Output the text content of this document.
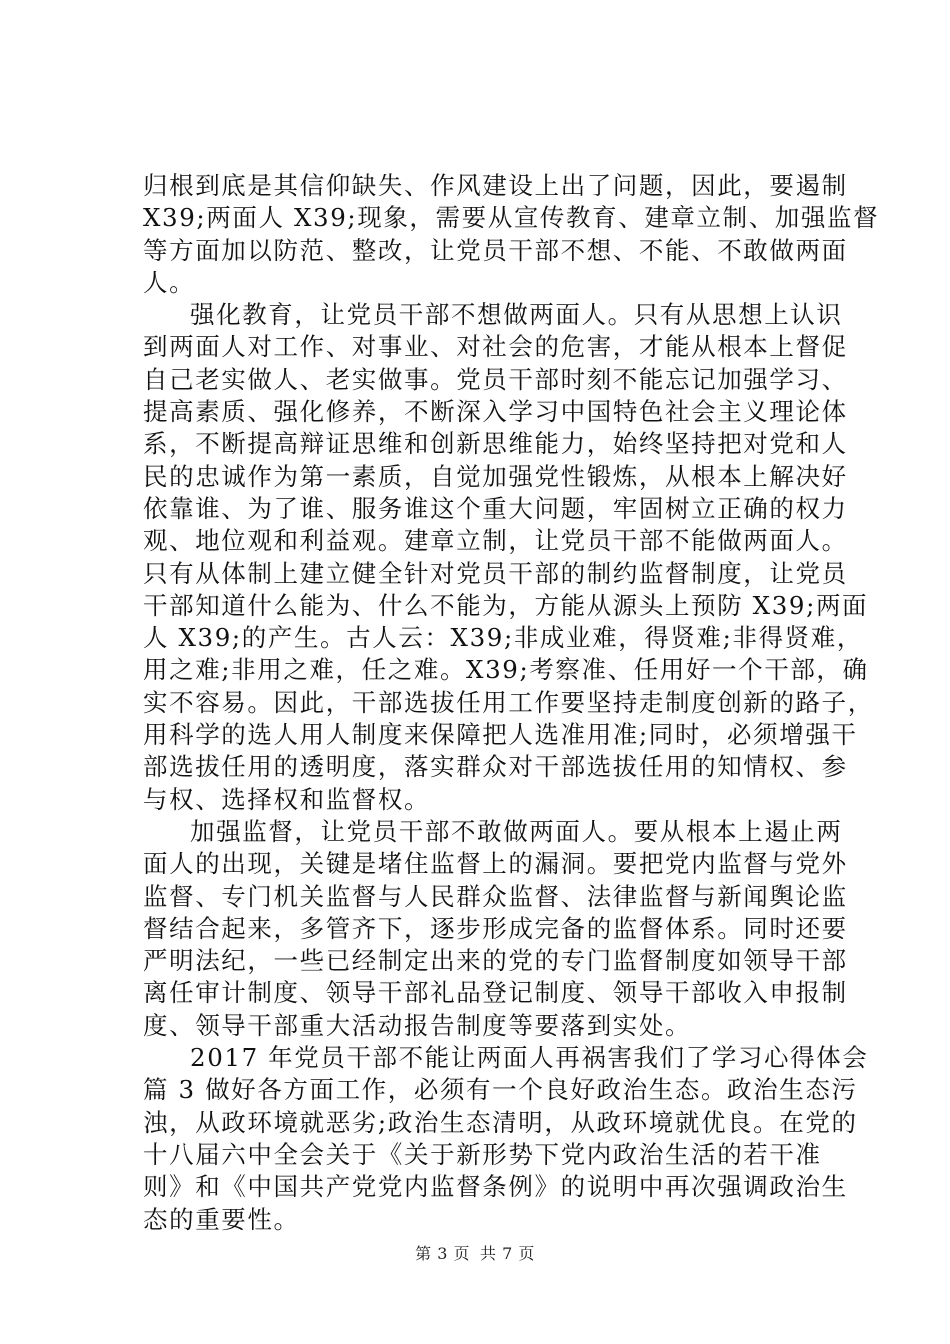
归根到底是其信仰缺失、作风建设上出了问题，因此，要遏制
X39;两面人 X39;现象，需要从宣传教育、建章立制、加强监督
等方面加以防范、整改，让党员干部不想、不能、不敢做两面
人。
强化教育，让党员干部不想做两面人。只有从思想上认识
到两面人对工作、对事业、对社会的危害，才能从根本上督促
自己老实做人、老实做事。党员干部时刻不能忘记加强学习、
提高素质、强化修养，不断深入学习中国特色社会主义理论体
系，不断提高辩证思维和创新思维能力，始终坚持把对党和人
民的忠诚作为第一素质，自觉加强党性锻炼，从根本上解决好
依靠谁、为了谁、服务谁这个重大问题，牢固树立正确的权力
观、地位观和利益观。建章立制，让党员干部不能做两面人。
只有从体制上建立健全针对党员干部的制约监督制度，让党员
干部知道什么能为、什么不能为，方能从源头上预防 X39;两面
人 X39;的产生。古人云：X39;非成业难，得贤难;非得贤难，
用之难;非用之难，任之难。X39;考察准、任用好一个干部，确
实不容易。因此，干部选拔任用工作要坚持走制度创新的路子，
用科学的选人用人制度来保障把人选准用准;同时，必须增强干
部选拔任用的透明度，落实群众对干部选拔任用的知情权、参
与权、选择权和监督权。
加强监督，让党员干部不敢做两面人。要从根本上遏止两
面人的出现，关键是堵住监督上的漏洞。要把党内监督与党外
监督、专门机关监督与人民群众监督、法律监督与新闻舆论监
督结合起来，多管齐下，逐步形成完备的监督体系。同时还要
严明法纪，一些已经制定出来的党的专门监督制度如领导干部
离任审计制度、领导干部礼品登记制度、领导干部收入申报制
度、领导干部重大活动报告制度等要落到实处。
2017 年党员干部不能让两面人再祸害我们了学习心得体会
篇 3 做好各方面工作，必须有一个良好政治生态。政治生态污
浊，从政环境就恶劣;政治生态清明，从政环境就优良。在党的
十八届六中全会关于《关于新形势下党内政治生活的若干准
则》和《中国共产党党内监督条例》的说明中再次强调政治生
态的重要性。
第 3 页 共 7 页
